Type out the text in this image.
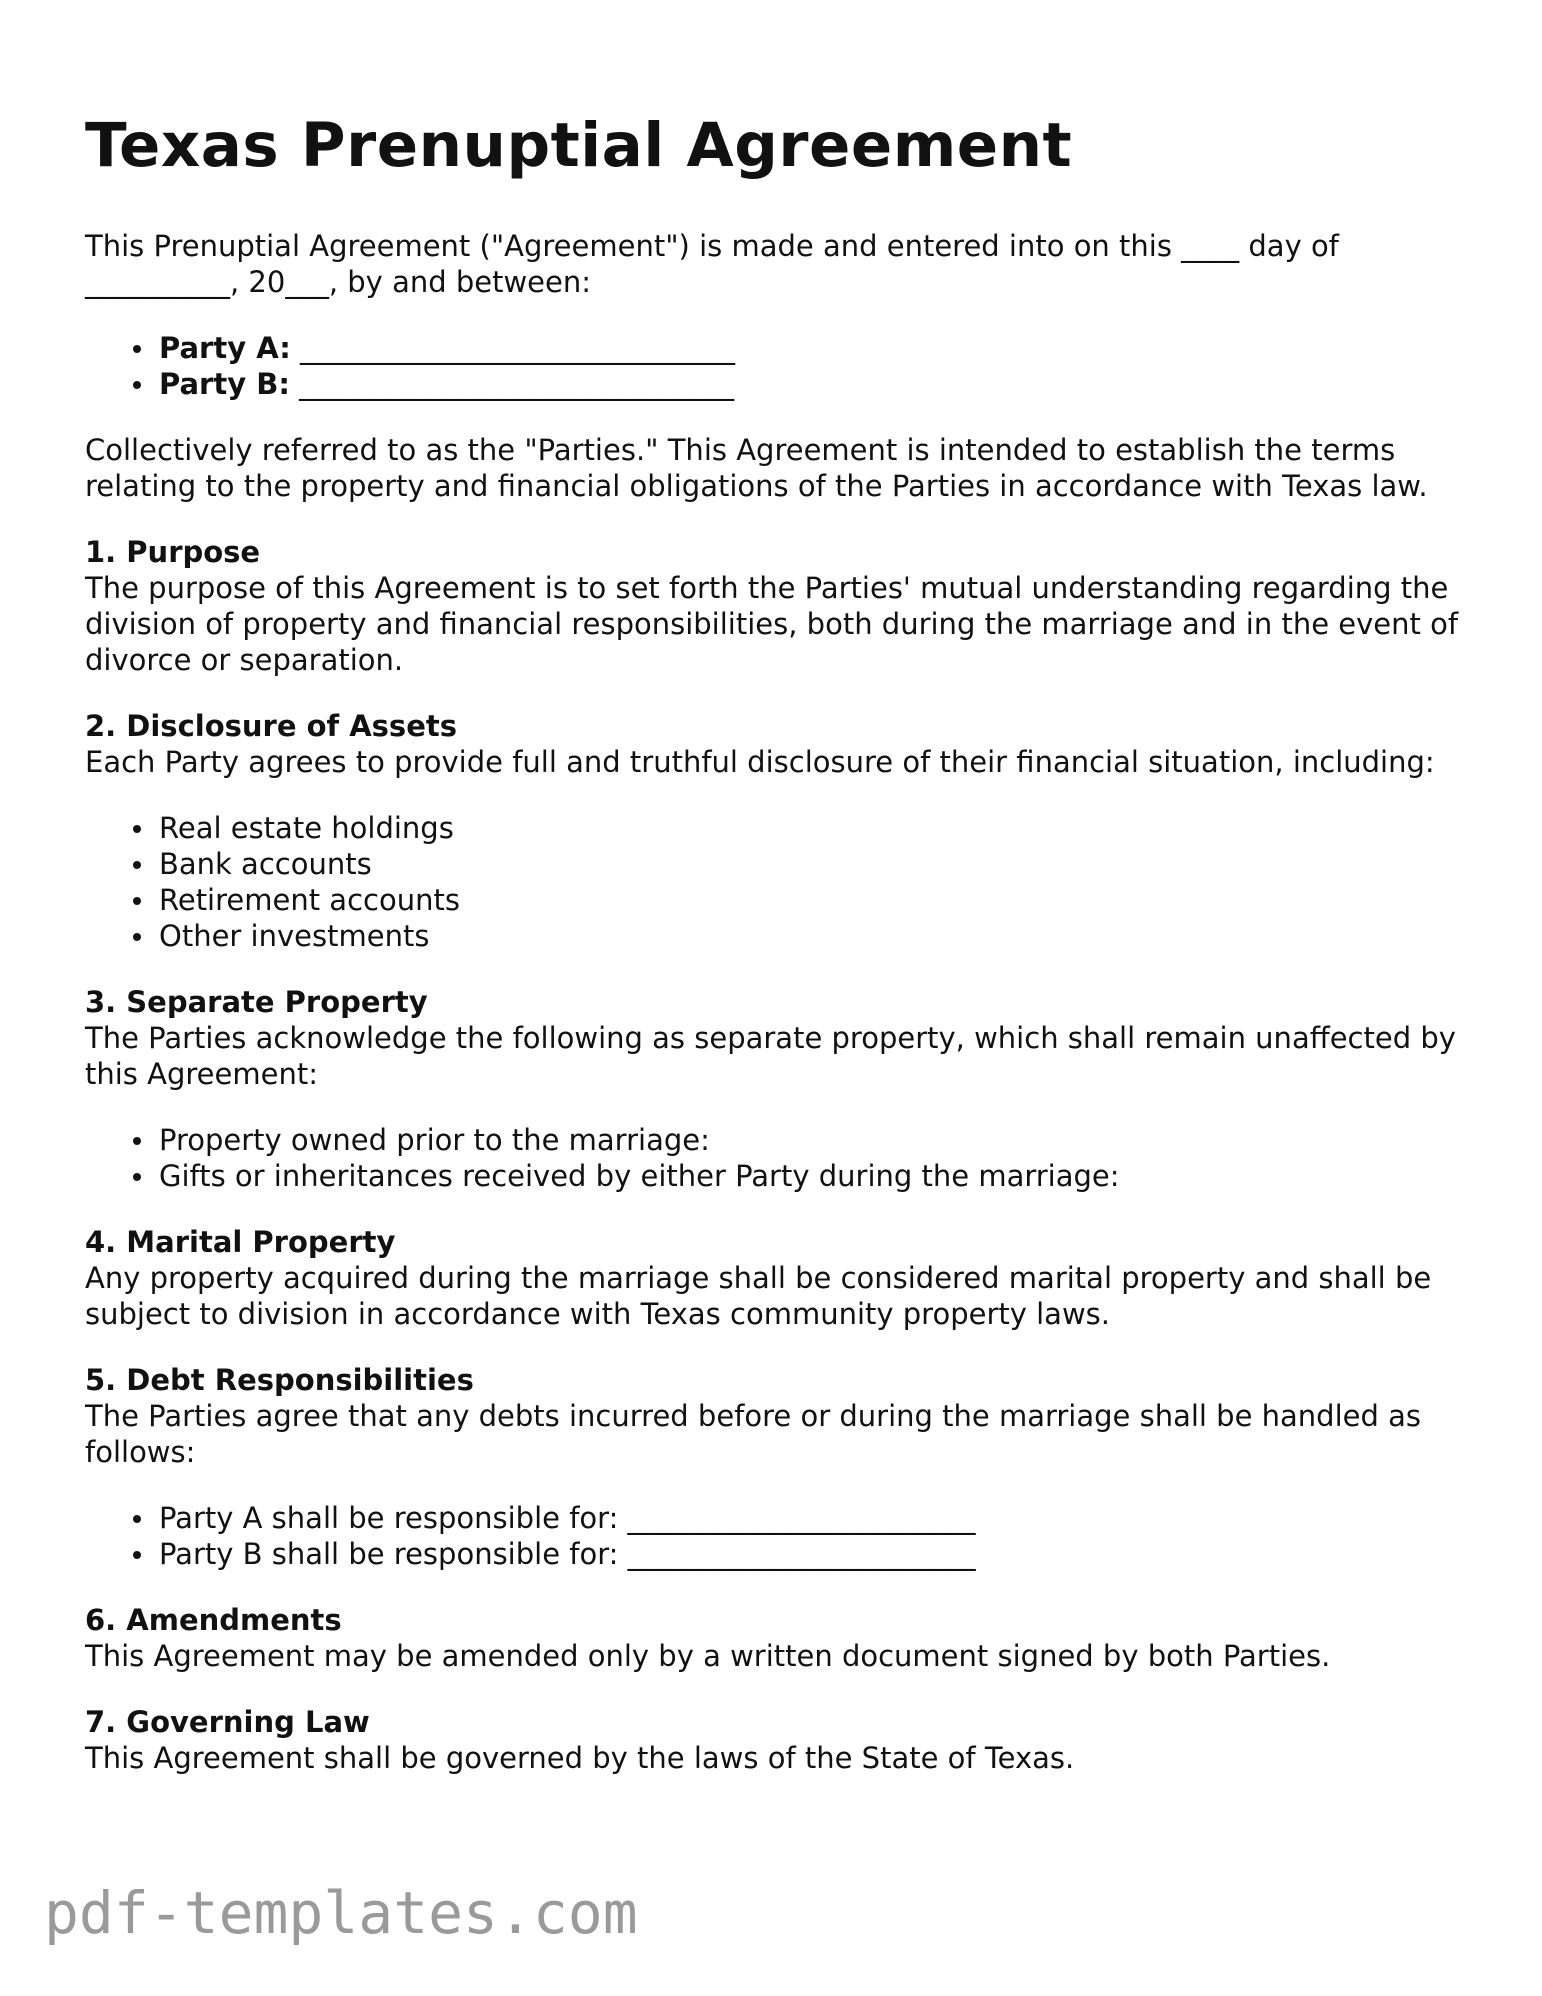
Texas Prenuptial Agreement

This Prenuptial Agreement ("Agreement") is made and entered into on this ____ day of __________, 20___, by and between:

Party A: ______________________________
Party B: ______________________________

Collectively referred to as the "Parties." This Agreement is intended to establish the terms relating to the property and financial obligations of the Parties in accordance with Texas law.

1. Purpose
The purpose of this Agreement is to set forth the Parties' mutual understanding regarding the division of property and financial responsibilities, both during the marriage and in the event of divorce or separation.
2. Disclosure of Assets
Each Party agrees to provide full and truthful disclosure of their financial situation, including:
Real estate holdings
Bank accounts
Retirement accounts
Other investments
3. Separate Property
The Parties acknowledge the following as separate property, which shall remain unaffected by this Agreement:
Property owned prior to the marriage:
Gifts or inheritances received by either Party during the marriage:
4. Marital Property
Any property acquired during the marriage shall be considered marital property and shall be subject to division in accordance with Texas community property laws.
5. Debt Responsibilities
The Parties agree that any debts incurred before or during the marriage shall be handled as follows:
Party A shall be responsible for: ________________________
Party B shall be responsible for: ________________________
6. Amendments
This Agreement may be amended only by a written document signed by both Parties.
7. Governing Law
This Agreement shall be governed by the laws of the State of Texas.
pdf-templates.com
